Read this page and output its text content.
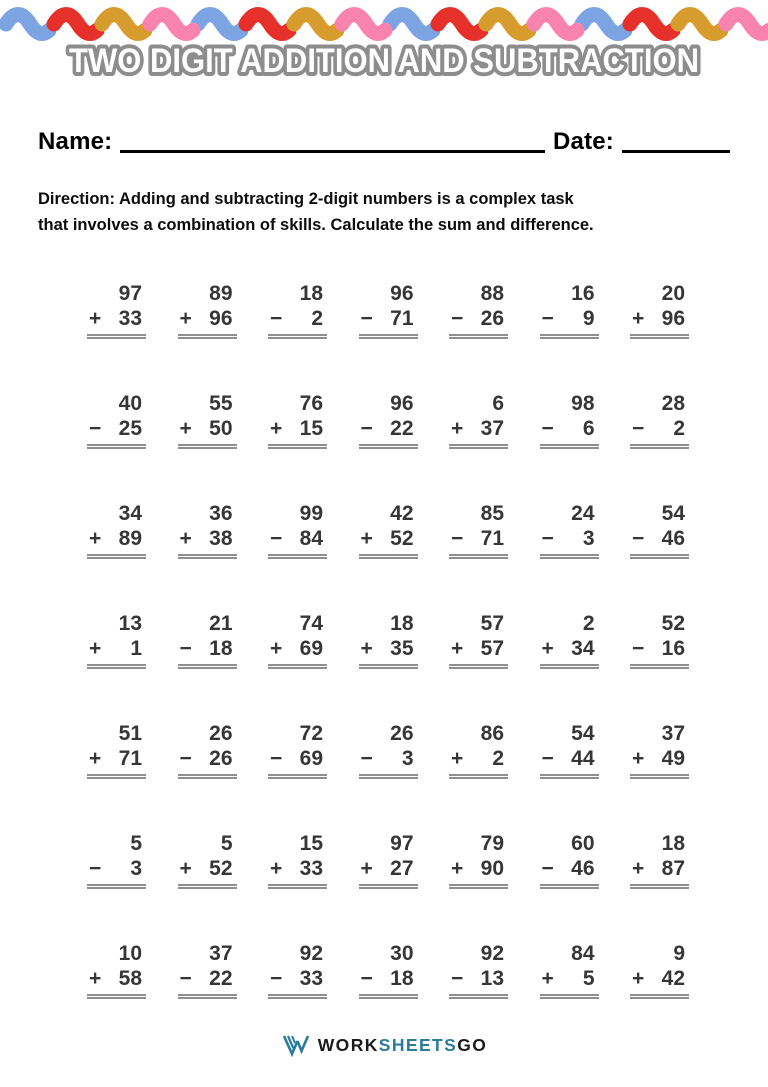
TWO DIGIT ADDITION AND SUBTRACTION
Name:	Date:
Direction: Adding and subtracting 2-digit numbers is a complex task
that involves a combination of skills. Calculate the sum and difference.
97
+ 33
89
+ 96
18
− 2
96
− 71
88
− 26
16
− 9
20
+ 96
40
− 25
55
+ 50
76
+ 15
96
− 22
6
+ 37
98
− 6
28
− 2
34
+ 89
36
+ 38
99
− 84
42
+ 52
85
− 71
24
− 3
54
− 46
13
+ 1
21
− 18
74
+ 69
18
+ 35
57
+ 57
2
+ 34
52
− 16
51
+ 71
26
− 26
72
− 69
26
− 3
86
+ 2
54
− 44
37
+ 49
5
− 3
5
+ 52
15
+ 33
97
+ 27
79
+ 90
60
− 46
18
+ 87
10
+ 58
37
− 22
92
− 33
30
− 18
92
− 13
84
+ 5
9
+ 42
WORKSHEETSGO
